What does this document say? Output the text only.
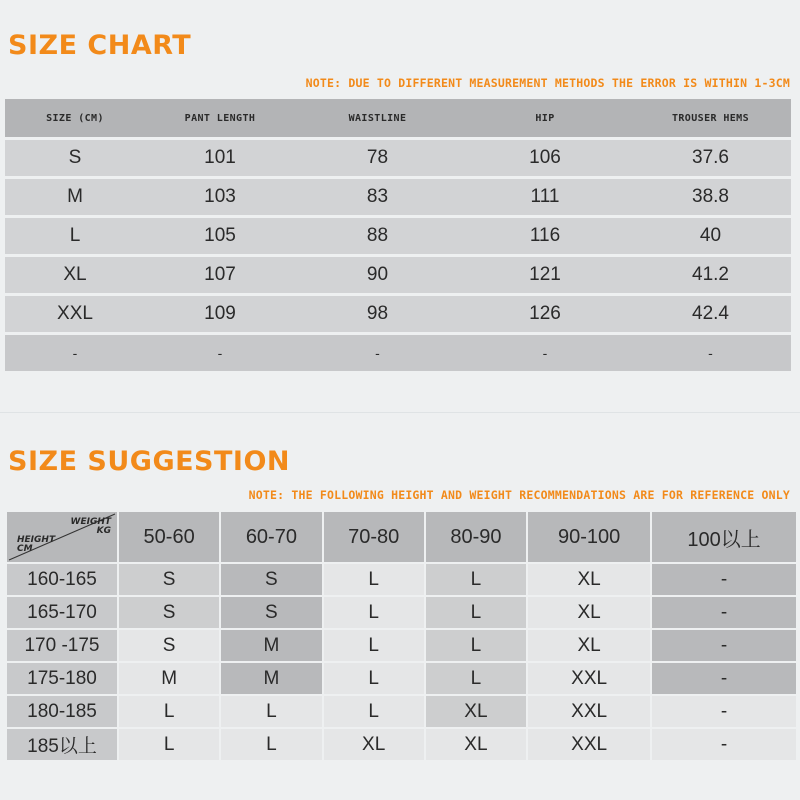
SIZE CHART
NOTE: DUE TO DIFFERENT MEASUREMENT METHODS THE ERROR IS WITHIN 1-3CM
SIZE (CM)	PANT LENGTH	WAISTLINE	HIP	TROUSER HEMS
S	101	78	106	37.6
M	103	83	111	38.8
L	105	88	116	40
XL	107	90	121	41.2
XXL	109	98	126	42.4
-	-	-	-	-
SIZE SUGGESTION
NOTE: THE FOLLOWING HEIGHT AND WEIGHT RECOMMENDATIONS ARE FOR REFERENCE ONLY
WEIGHT
KG
HEIGHT
CM	50-60	60-70	70-80	80-90	90-100	100以上
160-165	S	S	L	L	XL	-
165-170	S	S	L	L	XL	-
170 -175	S	M	L	L	XL	-
175-180	M	M	L	L	XXL	-
180-185	L	L	L	XL	XXL	-
185以上	L	L	XL	XL	XXL	-
